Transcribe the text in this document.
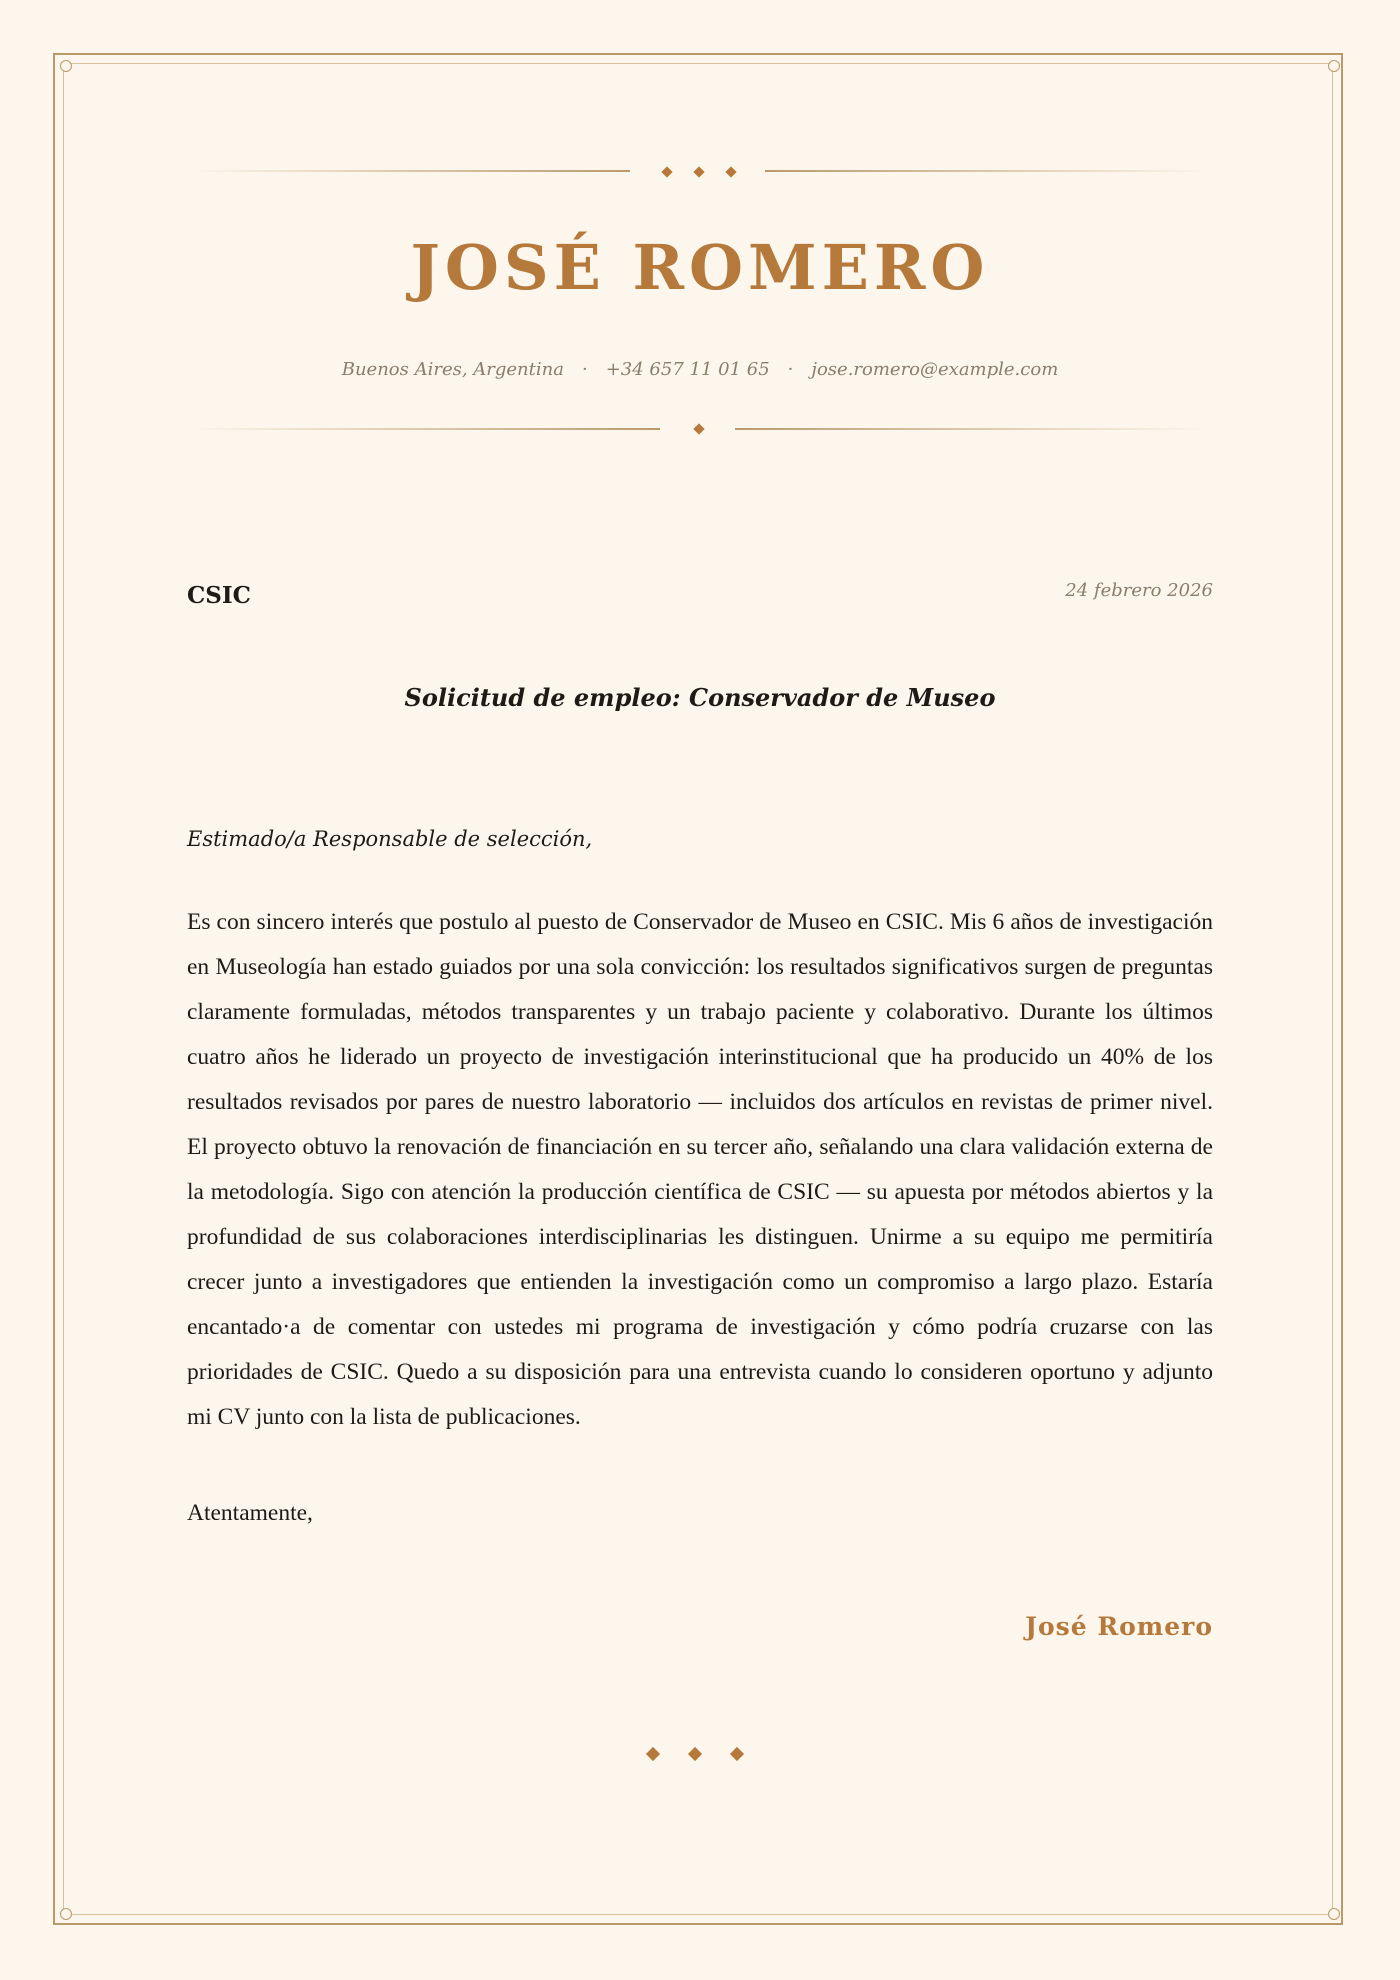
JOSÉ ROMERO
Buenos Aires, Argentina · +34 657 11 01 65 · jose.romero@example.com
CSIC	24 febrero 2026
Solicitud de empleo: Conservador de Museo
Estimado/a Responsable de selección,

Es con sincero interés que postulo al puesto de Conservador de Museo en CSIC. Mis 6 años de investigación en Museología han estado guiados por una sola convicción: los resultados significativos surgen de preguntas claramente formuladas, métodos transparentes y un trabajo paciente y colaborativo. Durante los últimos cuatro años he liderado un proyecto de investigación interinstitucional que ha producido un 40% de los resultados revisados por pares de nuestro laboratorio — incluidos dos artículos en revistas de primer nivel. El proyecto obtuvo la renovación de financiación en su tercer año, señalando una clara validación externa de la metodología. Sigo con atención la producción científica de CSIC — su apuesta por métodos abiertos y la profundidad de sus colaboraciones interdisciplinarias les distinguen. Unirme a su equipo me permitiría crecer junto a investigadores que entienden la investigación como un compromiso a largo plazo. Estaría encantado·a de comentar con ustedes mi programa de investigación y cómo podría cruzarse con las prioridades de CSIC. Quedo a su disposición para una entrevista cuando lo consideren oportuno y adjunto mi CV junto con la lista de publicaciones.

Atentamente,
José Romero
